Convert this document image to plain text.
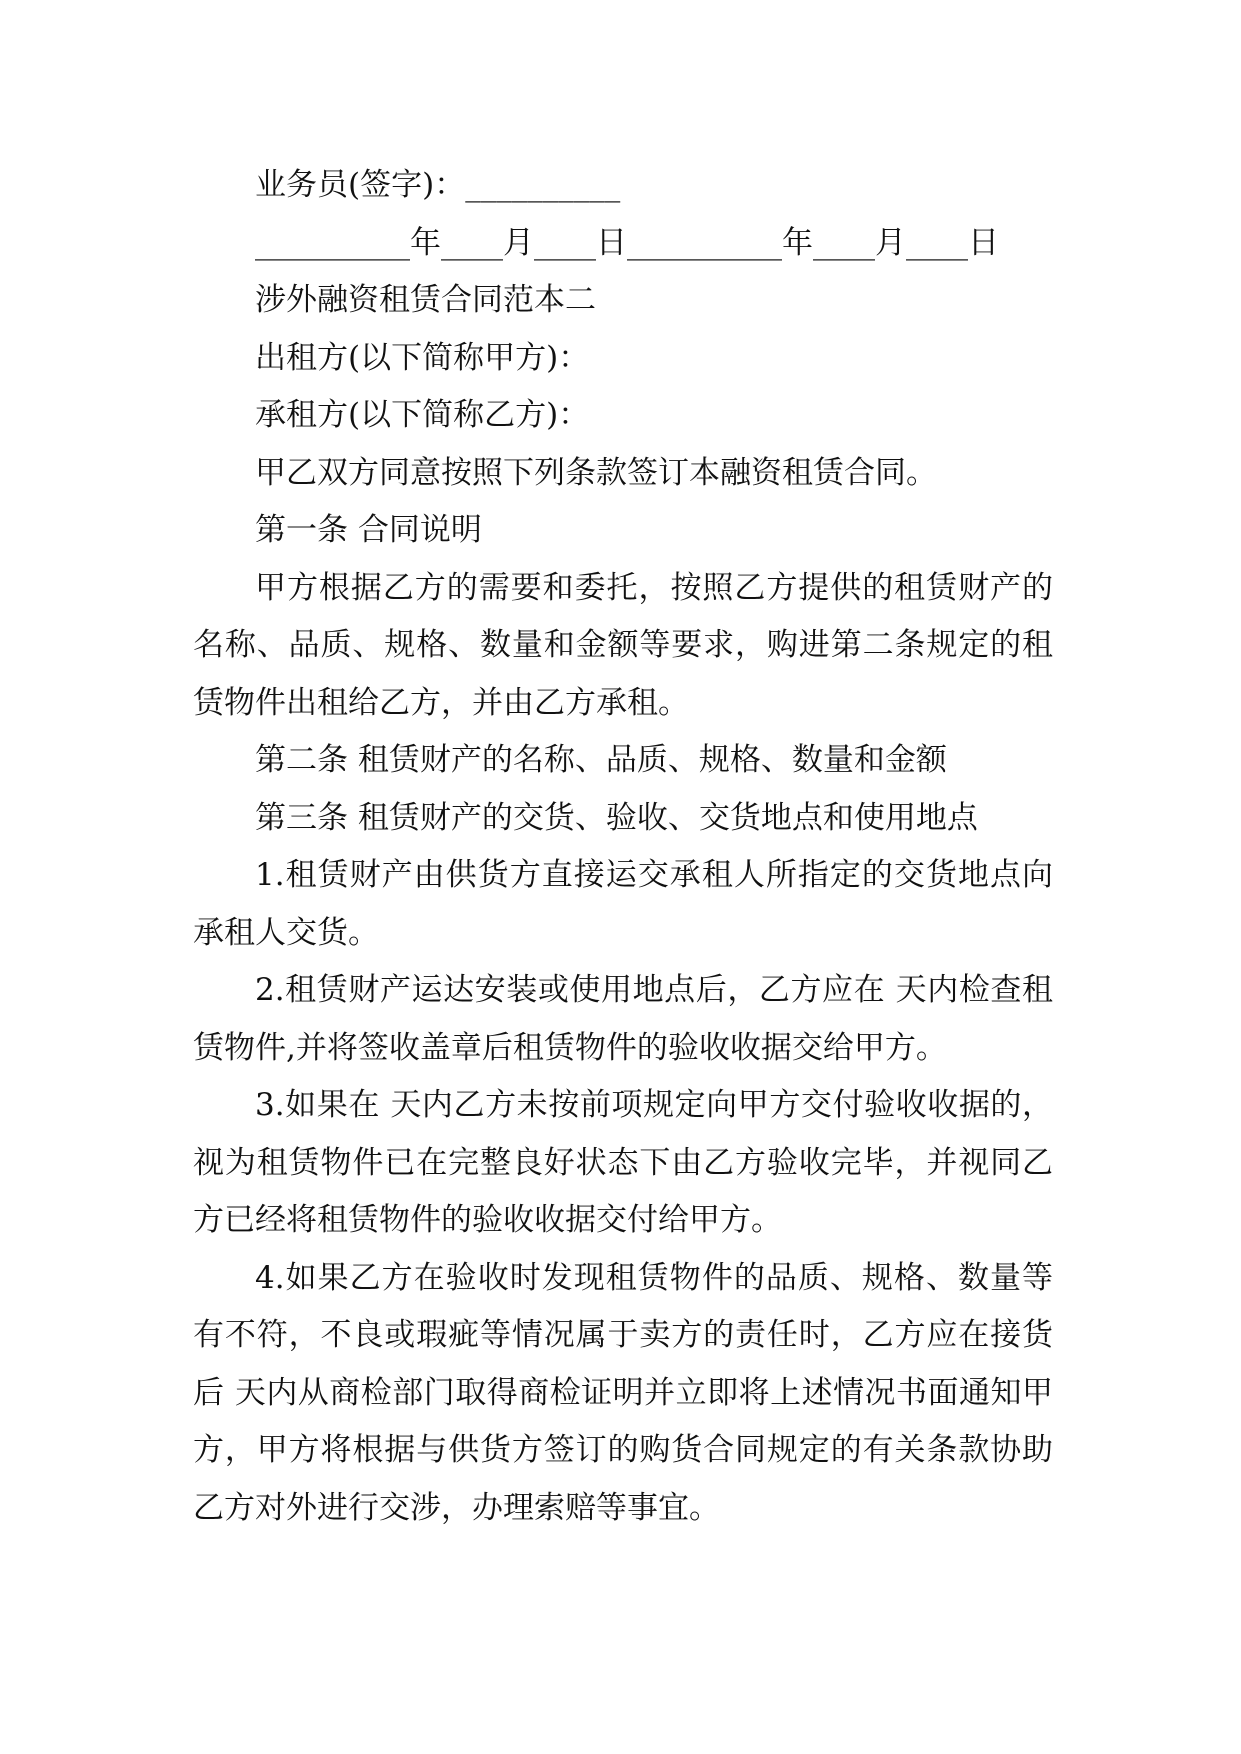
业务员(签字)：__________

__________年____月____日__________年____月____日

涉外融资租赁合同范本二

出租方(以下简称甲方)：

承租方(以下简称乙方)：

甲乙双方同意按照下列条款签订本融资租赁合同。

第一条 合同说明

甲方根据乙方的需要和委托，按照乙方提供的租赁财产的名称、品质、规格、数量和金额等要求，购进第二条规定的租赁物件出租给乙方，并由乙方承租。

第二条 租赁财产的名称、品质、规格、数量和金额

第三条 租赁财产的交货、验收、交货地点和使用地点

1.租赁财产由供货方直接运交承租人所指定的交货地点向承租人交货。

2.租赁财产运达安装或使用地点后，乙方应在 天内检查租赁物件,并将签收盖章后租赁物件的验收收据交给甲方。

3.如果在 天内乙方未按前项规定向甲方交付验收收据的，视为租赁物件已在完整良好状态下由乙方验收完毕，并视同乙方已经将租赁物件的验收收据交付给甲方。

4.如果乙方在验收时发现租赁物件的品质、规格、数量等有不符，不良或瑕疵等情况属于卖方的责任时，乙方应在接货后 天内从商检部门取得商检证明并立即将上述情况书面通知甲方，甲方将根据与供货方签订的购货合同规定的有关条款协助乙方对外进行交涉，办理索赔等事宜。
